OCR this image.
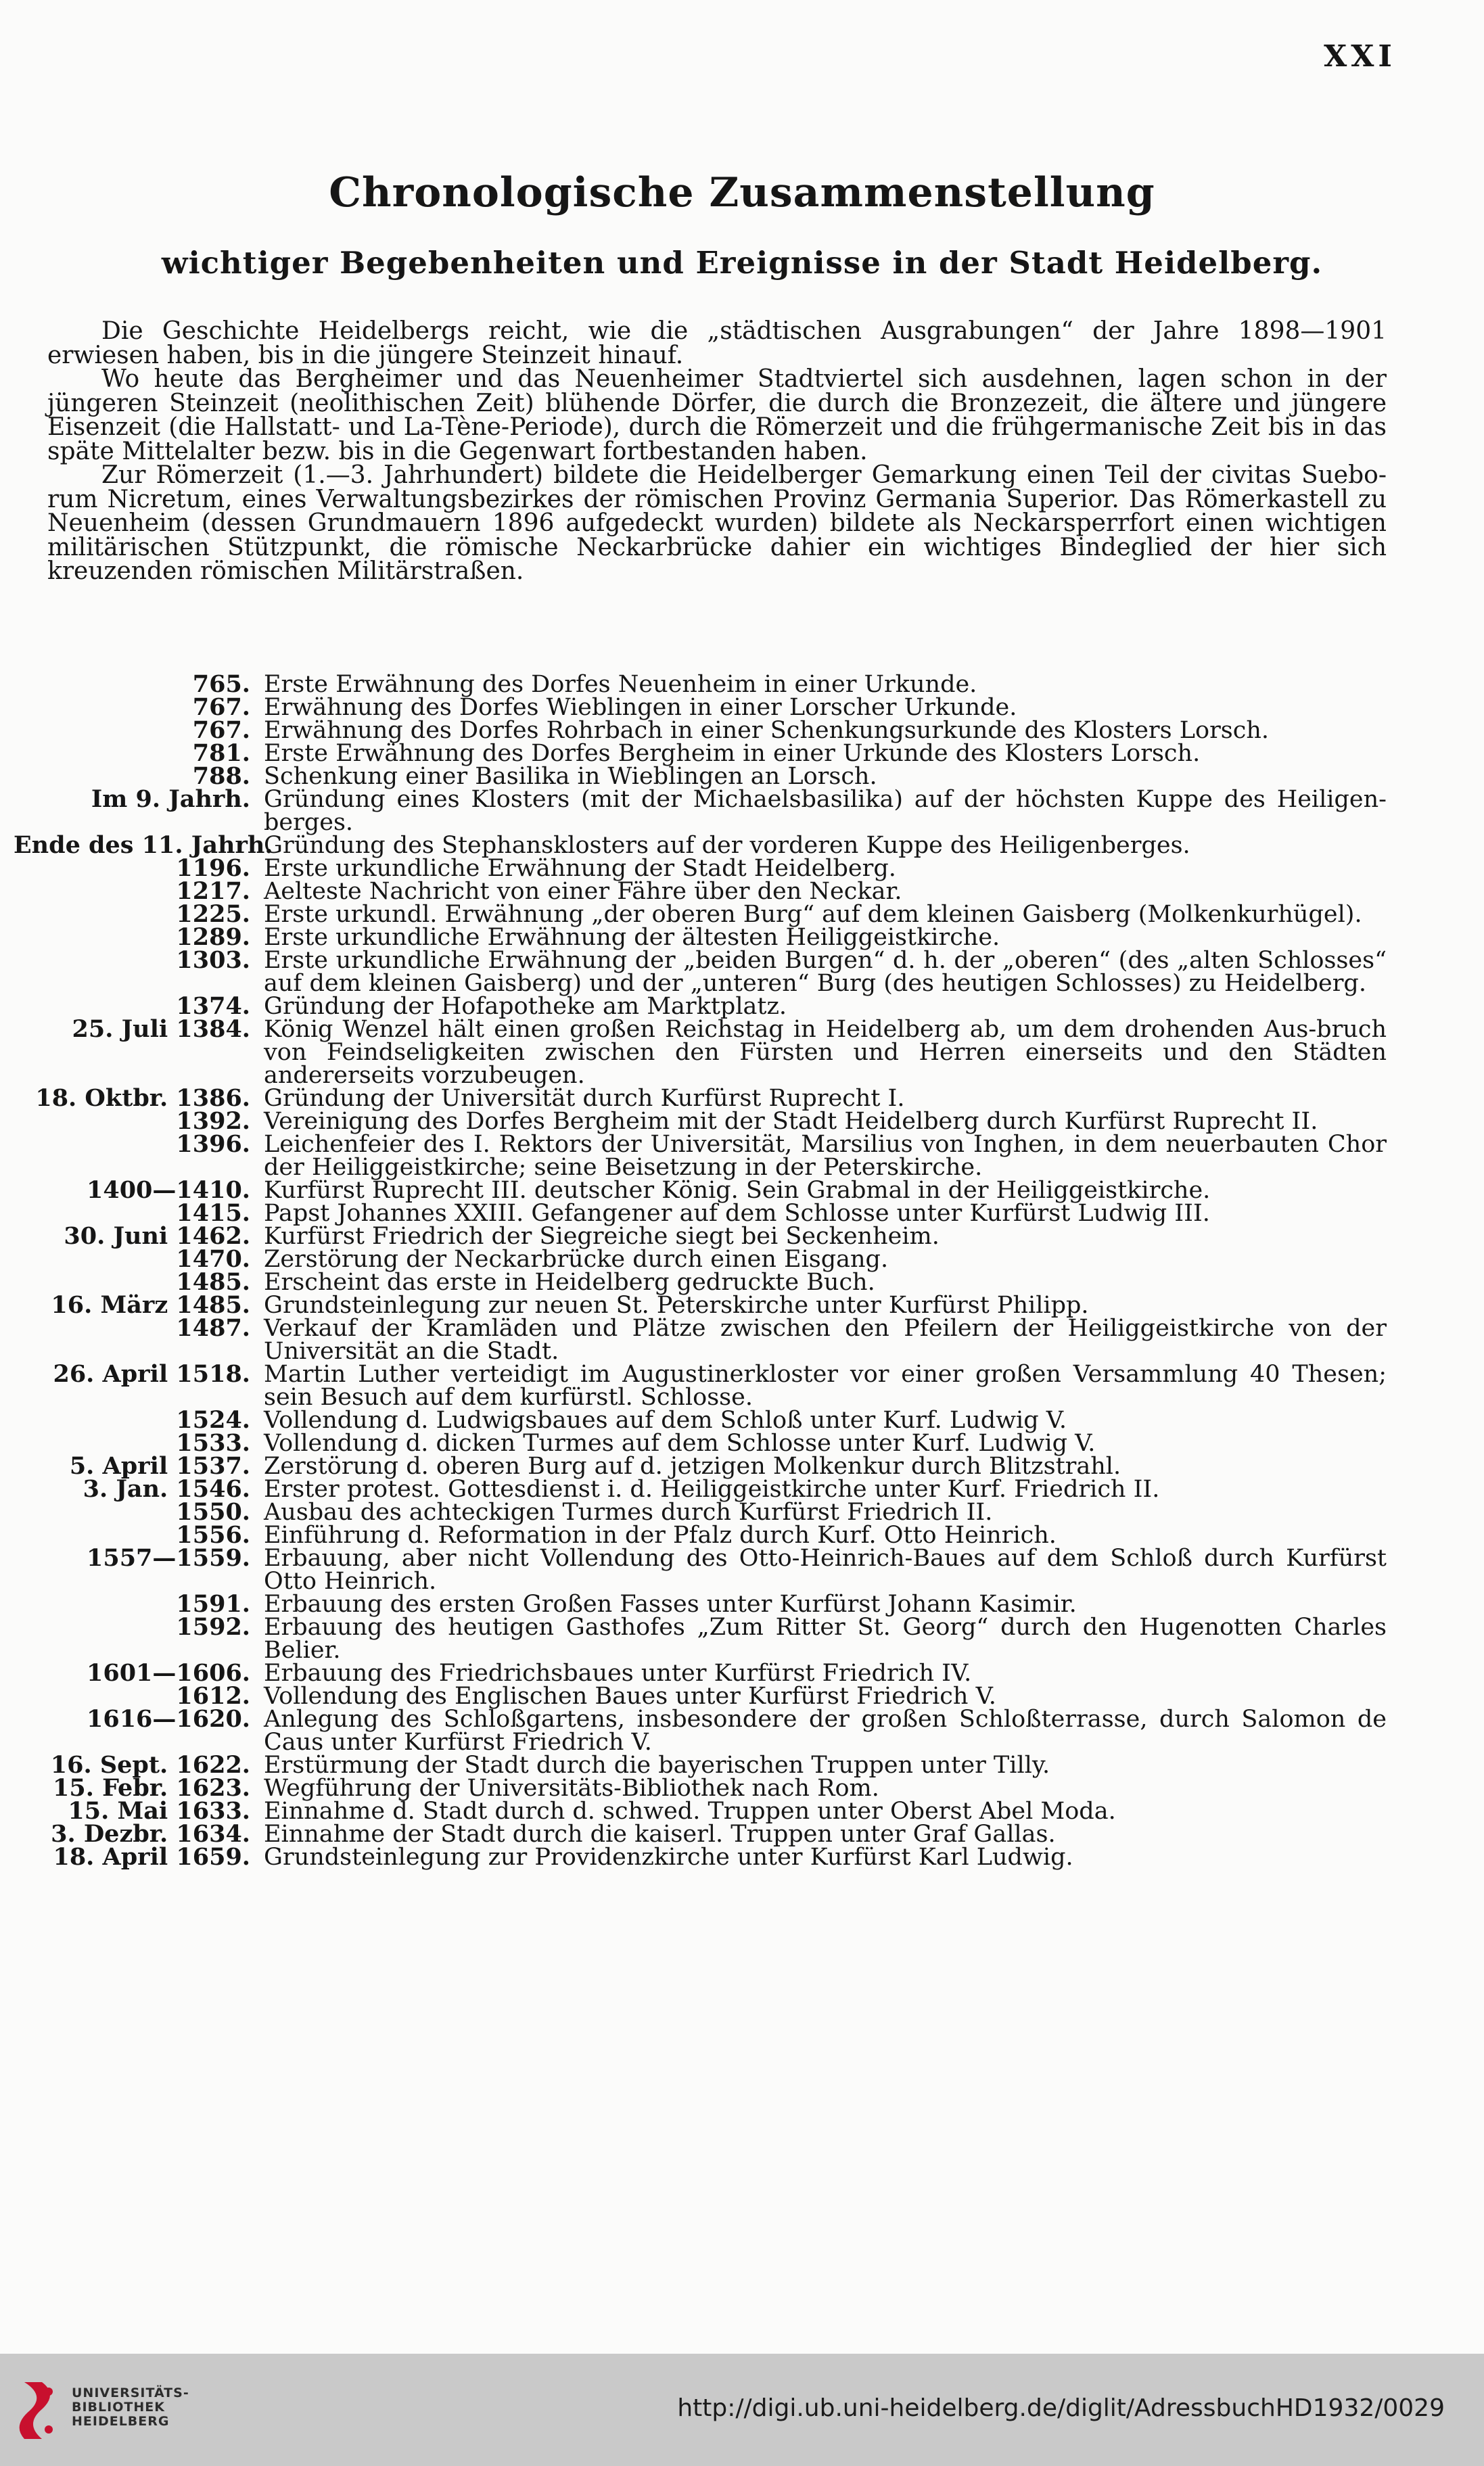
XXI
Chronologische Zusammenstellung
wichtiger Begebenheiten und Ereignisse in der Stadt Heidelberg.

Die Geschichte Heidelbergs reicht, wie die „städtischen Ausgrabungen“ der Jahre 1898—1901 erwiesen haben, bis in die jüngere Steinzeit hinauf.

Wo heute das Bergheimer und das Neuenheimer Stadtviertel sich ausdehnen, lagen schon in der jüngeren Steinzeit (neolithischen Zeit) blühende Dörfer, die durch die Bronzezeit, die ältere und jüngere Eisenzeit (die Hallstatt- und La-Tène-Periode), durch die Römerzeit und die frühgermanische Zeit bis in das späte Mittelalter bezw. bis in die Gegenwart fortbestanden haben.

Zur Römerzeit (1.—3. Jahrhundert) bildete die Heidelberger Gemarkung einen Teil der civitas Suebo-rum Nicretum, eines Verwaltungsbezirkes der römischen Provinz Germania Superior. Das Römerkastell zu Neuenheim (dessen Grundmauern 1896 aufgedeckt wurden) bildete als Neckarsperrfort einen wichtigen militärischen Stützpunkt, die römische Neckarbrücke dahier ein wichtiges Bindeglied der hier sich kreuzenden römischen Militärstraßen.

765. Erste Erwähnung des Dorfes Neuenheim in einer Urkunde.
767. Erwähnung des Dorfes Wieblingen in einer Lorscher Urkunde.
767. Erwähnung des Dorfes Rohrbach in einer Schenkungsurkunde des Klosters Lorsch.
781. Erste Erwähnung des Dorfes Bergheim in einer Urkunde des Klosters Lorsch.
788. Schenkung einer Basilika in Wieblingen an Lorsch.
Im 9. Jahrh. Gründung eines Klosters (mit der Michaelsbasilika) auf der höchsten Kuppe des Heiligen-berges.
Ende des 11. Jahrh.
Gründung des Stephansklosters auf der vorderen Kuppe des Heiligenberges.
1196. Erste urkundliche Erwähnung der Stadt Heidelberg.
1217. Aelteste Nachricht von einer Fähre über den Neckar.
1225. Erste urkundl. Erwähnung „der oberen Burg“ auf dem kleinen Gaisberg (Molkenkurhügel).
1289. Erste urkundliche Erwähnung der ältesten Heiliggeistkirche.
1303. Erste urkundliche Erwähnung der „beiden Burgen“ d. h. der „oberen“ (des „alten Schlosses“ auf dem kleinen Gaisberg) und der „unteren“ Burg (des heutigen Schlosses) zu Heidelberg.
1374. Gründung der Hofapotheke am Marktplatz.
25. Juli 1384. König Wenzel hält einen großen Reichstag in Heidelberg ab, um dem drohenden Aus-bruch von Feindseligkeiten zwischen den Fürsten und Herren einerseits und den Städten andererseits vorzubeugen.
18. Oktbr. 1386. Gründung der Universität durch Kurfürst Ruprecht I.
1392. Vereinigung des Dorfes Bergheim mit der Stadt Heidelberg durch Kurfürst Ruprecht II.
1396. Leichenfeier des I. Rektors der Universität, Marsilius von Inghen, in dem neuerbauten Chor der Heiliggeistkirche; seine Beisetzung in der Peterskirche.
1400—1410. Kurfürst Ruprecht III. deutscher König. Sein Grabmal in der Heiliggeistkirche.
1415. Papst Johannes XXIII. Gefangener auf dem Schlosse unter Kurfürst Ludwig III.
30. Juni 1462. Kurfürst Friedrich der Siegreiche siegt bei Seckenheim.
1470. Zerstörung der Neckarbrücke durch einen Eisgang.
1485. Erscheint das erste in Heidelberg gedruckte Buch.
16. März 1485. Grundsteinlegung zur neuen St. Peterskirche unter Kurfürst Philipp.
1487. Verkauf der Kramläden und Plätze zwischen den Pfeilern der Heiliggeistkirche von der Universität an die Stadt.
26. April 1518. Martin Luther verteidigt im Augustinerkloster vor einer großen Versammlung 40 Thesen; sein Besuch auf dem kurfürstl. Schlosse.
1524. Vollendung d. Ludwigsbaues auf dem Schloß unter Kurf. Ludwig V.
1533. Vollendung d. dicken Turmes auf dem Schlosse unter Kurf. Ludwig V.
5. April 1537. Zerstörung d. oberen Burg auf d. jetzigen Molkenkur durch Blitzstrahl.
3. Jan. 1546. Erster protest. Gottesdienst i. d. Heiliggeistkirche unter Kurf. Friedrich II.
1550. Ausbau des achteckigen Turmes durch Kurfürst Friedrich II.
1556. Einführung d. Reformation in der Pfalz durch Kurf. Otto Heinrich.
1557—1559. Erbauung, aber nicht Vollendung des Otto-Heinrich-Baues auf dem Schloß durch Kurfürst Otto Heinrich.
1591. Erbauung des ersten Großen Fasses unter Kurfürst Johann Kasimir.
1592. Erbauung des heutigen Gasthofes „Zum Ritter St. Georg“ durch den Hugenotten Charles Belier.
1601—1606. Erbauung des Friedrichsbaues unter Kurfürst Friedrich IV.
1612. Vollendung des Englischen Baues unter Kurfürst Friedrich V.
1616—1620. Anlegung des Schloßgartens, insbesondere der großen Schloßterrasse, durch Salomon de Caus unter Kurfürst Friedrich V.
16. Sept. 1622. Erstürmung der Stadt durch die bayerischen Truppen unter Tilly.
15. Febr. 1623. Wegführung der Universitäts-Bibliothek nach Rom.
15. Mai 1633. Einnahme d. Stadt durch d. schwed. Truppen unter Oberst Abel Moda.
3. Dezbr. 1634. Einnahme der Stadt durch die kaiserl. Truppen unter Graf Gallas.
18. April 1659. Grundsteinlegung zur Providenzkirche unter Kurfürst Karl Ludwig.
UNIVERSITÄTS-
BIBLIOTHEK
HEIDELBERG	http://digi.ub.uni-heidelberg.de/diglit/AdressbuchHD1932/0029
